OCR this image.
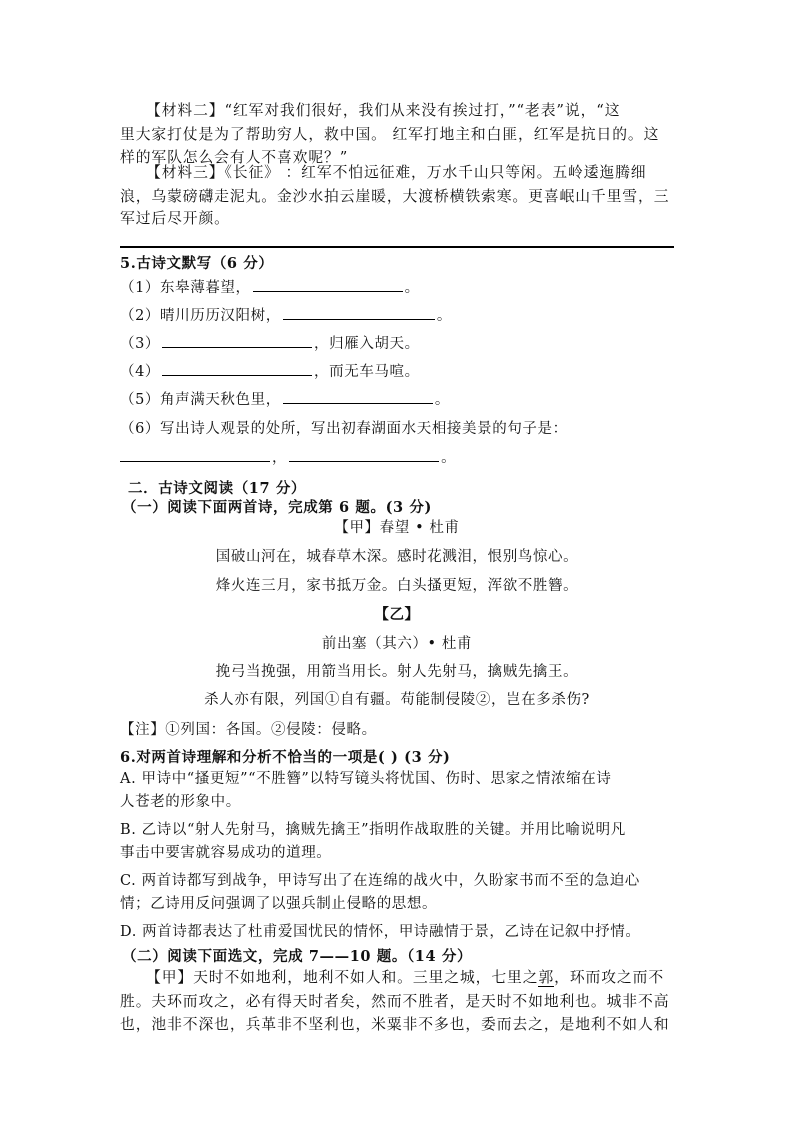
【材料二】“红军对我们很好，我们从来没有挨过打，”“老表”说，“这
里大家打仗是为了帮助穷人，救中国。 红军打地主和白匪，红军是抗日的。这
样的军队怎么会有人不喜欢呢？”
【材料三】《长征》 ：红军不怕远征难，万水千山只等闲。五岭逶迤腾细
浪，乌蒙磅礴走泥丸。金沙水拍云崖暖，大渡桥横铁索寒。更喜岷山千里雪，三
军过后尽开颜。
5.古诗文默写（6 分）
（1）东皋薄暮望，	。
（2）晴川历历汉阳树，	。
（3）	，归雁入胡天。
（4）	，而无车马喧。
（5）角声满天秋色里，	。
（6）写出诗人观景的处所，写出初春湖面水天相接美景的句子是：
，	。
二．古诗文阅读（17 分）
（一）阅读下面两首诗，完成第 6 题。(3 分)
【甲】春望 • 杜甫
国破山河在，城春草木深。感时花溅泪，恨别鸟惊心。
烽火连三月，家书抵万金。白头搔更短，浑欲不胜簪。
【乙】
前出塞（其六）• 杜甫
挽弓当挽强，用箭当用长。射人先射马，擒贼先擒王。
杀人亦有限，列国①自有疆。苟能制侵陵②，岂在多杀伤?
【注】①列国：各国。②侵陵：侵略。
6.对两首诗理解和分析不恰当的一项是( ) (3 分)
A. 甲诗中“搔更短”“不胜簪”以特写镜头将忧国、伤时、思家之情浓缩在诗
人苍老的形象中。
B. 乙诗以“射人先射马，擒贼先擒王”指明作战取胜的关键。并用比喻说明凡
事击中要害就容易成功的道理。
C. 两首诗都写到战争，甲诗写出了在连绵的战火中，久盼家书而不至的急迫心
情；乙诗用反问强调了以强兵制止侵略的思想。
D. 两首诗都表达了杜甫爱国忧民的情怀，甲诗融情于景，乙诗在记叙中抒情。
（二）阅读下面选文，完成 7——10 题。（14 分）
【甲】天时不如地利，地利不如人和。三里之城，七里之郭，环而攻之而不
胜。夫环而攻之，必有得天时者矣，然而不胜者，是天时不如地利也。城非不高
也，池非不深也，兵革非不坚利也，米粟非不多也，委而去之，是地利不如人和
